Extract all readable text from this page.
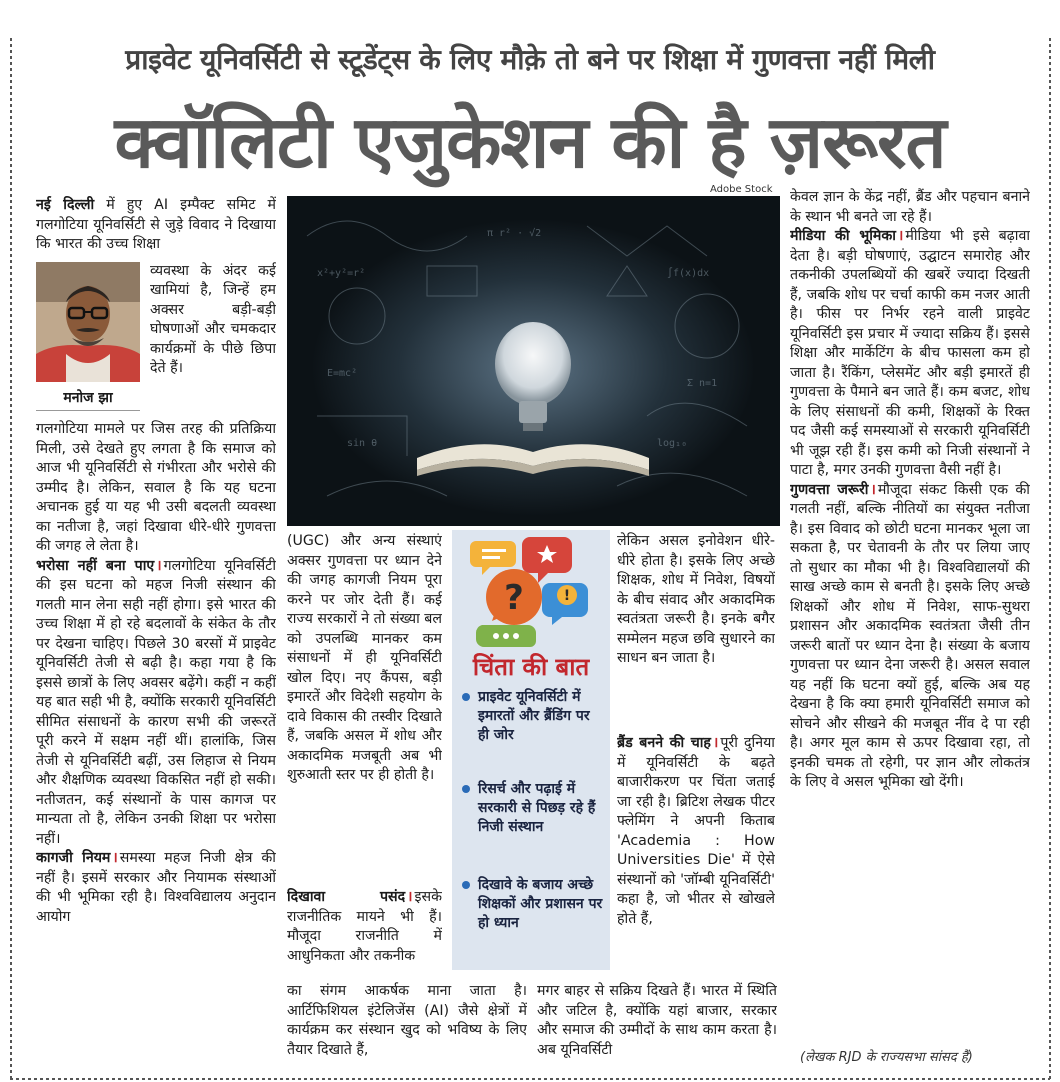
प्राइवेट यूनिवर्सिटी से स्टूडेंट्स के लिए मौक़े तो बने पर शिक्षा में गुणवत्ता नहीं मिली
क्वॉलिटी एजुकेशन की है ज़रूरत

नई दिल्ली में हुए AI इम्पैक्ट समिट में गलगोटिया यूनिवर्सिटी से जुड़े विवाद ने दिखाया कि भारत की उच्च शिक्षा

मनोज झा

व्यवस्था के अंदर कई खामियां है, जिन्हें हम अक्सर बड़ी-बड़ी घोषणाओं और चमकदार कार्यक्रमों के पीछे छिपा देते हैं।

गलगोटिया मामले पर जिस तरह की प्रतिक्रिया मिली, उसे देखते हुए लगता है कि समाज को आज भी यूनिवर्सिटी से गंभीरता और भरोसे की उम्मीद है। लेकिन, सवाल है कि यह घटना अचानक हुई या यह भी उसी बदलती व्यवस्था का नतीजा है, जहां दिखावा धीरे-धीरे गुणवत्ता की जगह ले लेता है।

भरोसा नहीं बना पाए । गलगोटिया यूनिवर्सिटी की इस घटना को महज निजी संस्थान की गलती मान लेना सही नहीं होगा। इसे भारत की उच्च शिक्षा में हो रहे बदलावों के संकेत के तौर पर देखना चाहिए। पिछले 30 बरसों में प्राइवेट यूनिवर्सिटी तेजी से बढ़ी है। कहा गया है कि इससे छात्रों के लिए अवसर बढ़ेंगे। कहीं न कहीं यह बात सही भी है, क्योंकि सरकारी यूनिवर्सिटी सीमित संसाधनों के कारण सभी की जरूरतें पूरी करने में सक्षम नहीं थीं। हालांकि, जिस तेजी से यूनिवर्सिटी बढ़ीं, उस लिहाज से नियम और शैक्षणिक व्यवस्था विकसित नहीं हो सकी। नतीजतन, कई संस्थानों के पास कागज पर मान्यता तो है, लेकिन उनकी शिक्षा पर भरोसा नहीं।

कागजी नियम । समस्या महज निजी क्षेत्र की नहीं है। इसमें सरकार और नियामक संस्थाओं की भी भूमिका रही है। विश्वविद्यालय अनुदान आयोग

Adobe Stock
x²+y²=r²	∫f(x)dx
E=mc²
Σ n=1
π r² · √2
sin θ	log₁₀

(UGC) और अन्य संस्थाएं अक्सर गुणवत्ता पर ध्यान देने की जगह कागजी नियम पूरा करने पर जोर देती हैं। कई राज्य सरकारों ने तो संख्या बल को उपलब्धि मानकर कम संसाधनों में ही यूनिवर्सिटी खोल दिए। नए कैंपस, बड़ी इमारतें और विदेशी सहयोग के दावे विकास की तस्वीर दिखाते हैं, जबकि असल में शोध और अकादमिक मजबूती अब भी शुरुआती स्तर पर ही होती है।

दिखावा पसंद । इसके राजनीतिक मायने भी हैं। मौजूदा राजनीति में आधुनिकता और तकनीक

लेकिन असल इनोवेशन धीरे-धीरे होता है। इसके लिए अच्छे शिक्षक, शोध में निवेश, विषयों के बीच संवाद और अकादमिक स्वतंत्रता जरूरी है। इनके बगैर सम्मेलन महज छवि सुधारने का साधन बन जाता है।

ब्रैंड बनने की चाह । पूरी दुनिया में यूनिवर्सिटी के बढ़ते बाजारीकरण पर चिंता जताई जा रही है। ब्रिटिश लेखक पीटर फ्लेमिंग ने अपनी किताब 'Academia : How Universities Die' में ऐसे संस्थानों को 'जॉम्बी यूनिवर्सिटी' कहा है, जो भीतर से खोखले होते हैं,

का संगम आकर्षक माना जाता है। आर्टिफिशियल इंटेलिजेंस (AI) जैसे क्षेत्रों में कार्यक्रम कर संस्थान खुद को भविष्य के लिए तैयार दिखाते हैं,

मगर बाहर से सक्रिय दिखते हैं। भारत में स्थिति और जटिल है, क्योंकि यहां बाजार, सरकार और समाज की उम्मीदों के साथ काम करता है। अब यूनिवर्सिटी

?	!
चिंता की बात
प्राइवेट यूनिवर्सिटी में इमारतों और ब्रैंडिंग पर ही जोर
रिसर्च और पढ़ाई में सरकारी से पिछड़ रहे हैं निजी संस्थान
दिखावे के बजाय अच्छे शिक्षकों और प्रशासन पर हो ध्यान

केवल ज्ञान के केंद्र नहीं, ब्रैंड और पहचान बनाने के स्थान भी बनते जा रहे हैं।

मीडिया की भूमिका । मीडिया भी इसे बढ़ावा देता है। बड़ी घोषणाएं, उद्घाटन समारोह और तकनीकी उपलब्धियों की खबरें ज्यादा दिखती हैं, जबकि शोध पर चर्चा काफी कम नजर आती है। फीस पर निर्भर रहने वाली प्राइवेट यूनिवर्सिटी इस प्रचार में ज्यादा सक्रिय हैं। इससे शिक्षा और मार्केटिंग के बीच फासला कम हो जाता है। रैंकिंग, प्लेसमेंट और बड़ी इमारतें ही गुणवत्ता के पैमाने बन जाते हैं। कम बजट, शोध के लिए संसाधनों की कमी, शिक्षकों के रिक्त पद जैसी कई समस्याओं से सरकारी यूनिवर्सिटी भी जूझ रही हैं। इस कमी को निजी संस्थानों ने पाटा है, मगर उनकी गुणवत्ता वैसी नहीं है।

गुणवत्ता जरूरी । मौजूदा संकट किसी एक की गलती नहीं, बल्कि नीतियों का संयुक्त नतीजा है। इस विवाद को छोटी घटना मानकर भूला जा सकता है, पर चेतावनी के तौर पर लिया जाए तो सुधार का मौका भी है। विश्वविद्यालयों की साख अच्छे काम से बनती है। इसके लिए अच्छे शिक्षकों और शोध में निवेश, साफ-सुथरा प्रशासन और अकादमिक स्वतंत्रता जैसी तीन जरूरी बातों पर ध्यान देना है। संख्या के बजाय गुणवत्ता पर ध्यान देना जरूरी है। असल सवाल यह नहीं कि घटना क्यों हुई, बल्कि अब यह देखना है कि क्या हमारी यूनिवर्सिटी समाज को सोचने और सीखने की मजबूत नींव दे पा रही है। अगर मूल काम से ऊपर दिखावा रहा, तो इनकी चमक तो रहेगी, पर ज्ञान और लोकतंत्र के लिए वे असल भूमिका खो देंगी।

(लेखक RJD के राज्यसभा सांसद हैं)
